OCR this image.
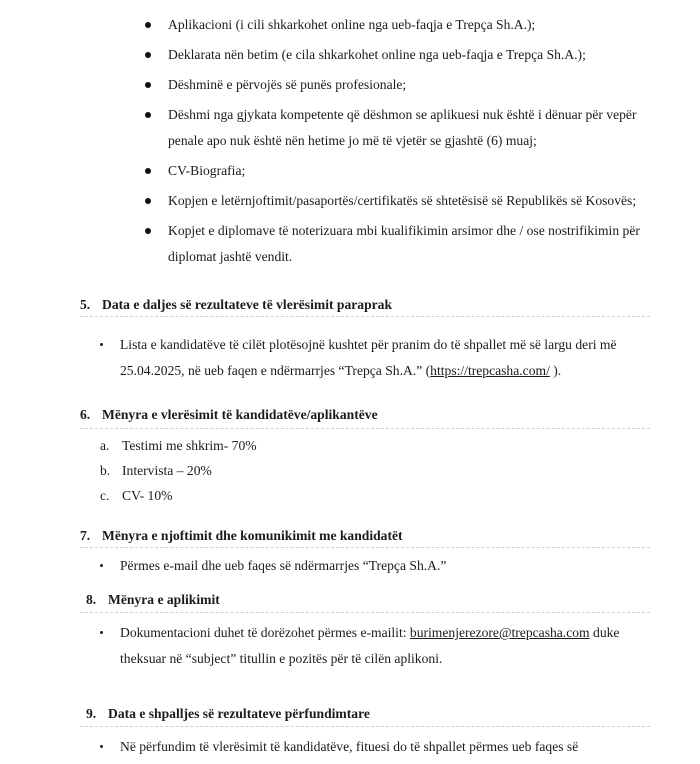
Aplikacioni (i cili shkarkohet online nga ueb-faqja e Trepça Sh.A.);
Deklarata nën betim (e cila shkarkohet online nga ueb-faqja e Trepça Sh.A.);
Dëshminë e përvojës së punës profesionale;
Dëshmi nga gjykata kompetente që dëshmon se aplikuesi nuk është i dënuar për vepër penale apo nuk është nën hetime jo më të vjetër se gjashtë (6) muaj;
CV-Biografia;
Kopjen e letërnjoftimit/pasaportës/certifikatës së shtetësisë së Republikës së Kosovës;
Kopjet e diplomave të noterizuara mbi kualifikimin arsimor dhe / ose nostrifikimin për diplomat jashtë vendit.
5. Data e daljes së rezultateve të vlerësimit paraprak
Lista e kandidatëve të cilët plotësojnë kushtet për pranim do të shpallet më së largu deri më 25.04.2025, në ueb faqen e ndërmarrjes “Trepça Sh.A.” (https://trepcasha.com/ ).
6. Mënyra e vlerësimit të kandidatëve/aplikantëve
a. Testimi me shkrim- 70%
b. Intervista – 20%
c. CV- 10%
7. Mënyra e njoftimit dhe komunikimit me kandidatët
Përmes e-mail dhe ueb faqes së ndërmarrjes “Trepça Sh.A.”
8. Mënyra e aplikimit
Dokumentacioni duhet të dorëzohet përmes e-mailit: burimenjerezore@trepcasha.com duke theksuar në “subject” titullin e pozitës për të cilën aplikoni.
9. Data e shpalljes së rezultateve përfundimtare
Në përfundim të vlerësimit të kandidatëve, fituesi do të shpallet përmes ueb faqes së
